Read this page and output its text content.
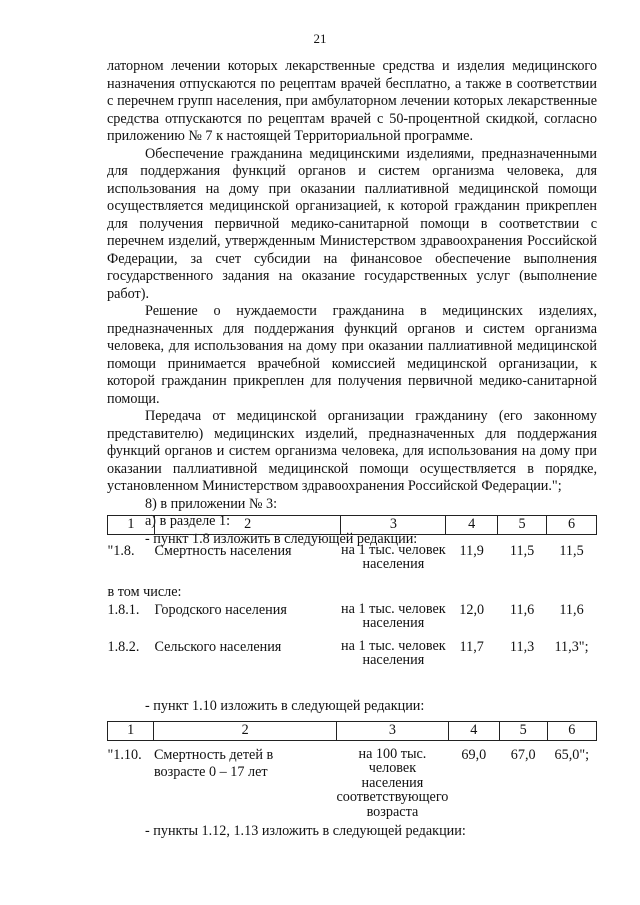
21

латорном лечении которых лекарственные средства и изделия медицинского назначения отпускаются по рецептам врачей бесплатно, а также в соответствии с перечнем групп населения, при амбулаторном лечении которых лекарственные средства отпускаются по рецептам врачей с 50-процентной скидкой, согласно приложению № 7 к настоящей Территориальной программе.

Обеспечение гражданина медицинскими изделиями, предназначенными для поддержания функций органов и систем организма человека, для использования на дому при оказании паллиативной медицинской помощи осуществляется медицинской организацией, к которой гражданин прикреплен для получения первичной медико-санитарной помощи в соответствии с перечнем изделий, утвержденным Министерством здравоохранения Российской Федерации, за счет субсидии на финансовое обеспечение выполнения государственного задания на оказание государственных услуг (выполнение работ).

Решение о нуждаемости гражданина в медицинских изделиях, предназначенных для поддержания функций органов и систем организма человека, для использования на дому при оказании паллиативной медицинской помощи принимается врачебной комиссией медицинской организации, к которой гражданин прикреплен для получения первичной медико-санитарной помощи.

Передача от медицинской организации гражданину (его законному представителю) медицинских изделий, предназначенных для поддержания функций органов и систем организма человека, для использования на дому при оказании паллиативной медицинской помощи осуществляется в порядке, установленном Министерством здравоохранения Российской Федерации.";

8) в приложении № 3:

а) в разделе 1:

- пункт 1.8 изложить в следующей редакции:

1	2	3	4	5	6

"1.8.	Смертность населения	на 1 тыс. человек населения	11,9	11,5	11,5
в том числе:					
1.8.1.	Городского населения	на 1 тыс. человек населения	12,0	11,6	11,6

1.8.2.	Сельского населения	на 1 тыс. человек населения	11,7	11,3	11,3";

- пункт 1.10 изложить в следующей редакции:

1	2	3	4	5	6

"1.10.	Смертность детей в возрасте 0 – 17 лет	на 100 тыс. человек населения соответствующего возраста	69,0	67,0	65,0";

- пункты 1.12, 1.13 изложить в следующей редакции:
